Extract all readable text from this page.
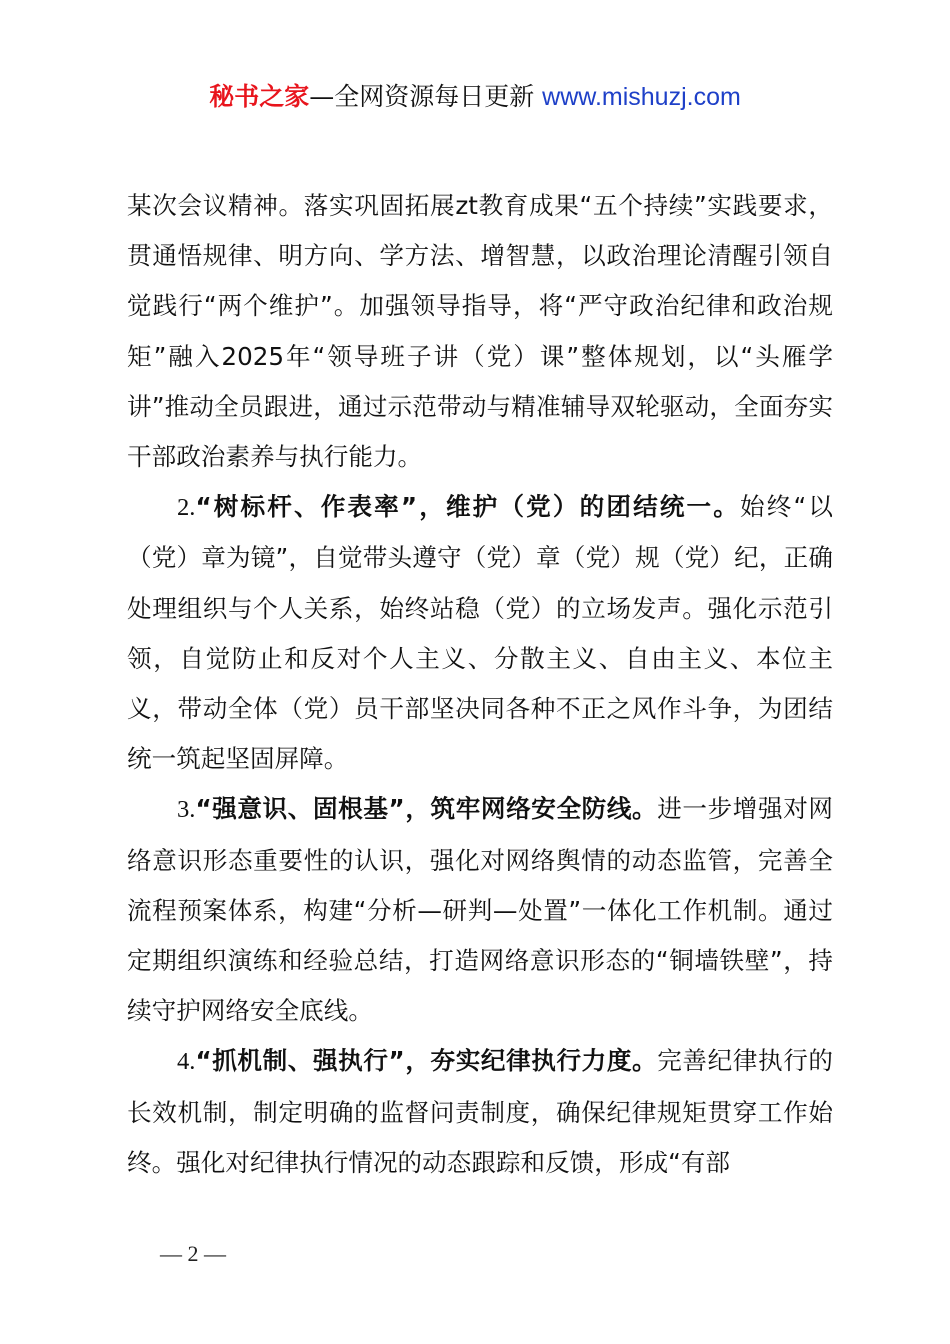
秘书之家—全网资源每日更新 www.mishuzj.com

某次会议精神。落实巩固拓展zt教育成果“五个持续”实践要求，贯通悟规律、明方向、学方法、增智慧，以政治理论清醒引领自觉践行“两个维护”。加强领导指导，将“严守政治纪律和政治规矩”融入2025年“领导班子讲（党）课”整体规划，以“头雁学讲”推动全员跟进，通过示范带动与精准辅导双轮驱动，全面夯实干部政治素养与执行能力。

2.“树标杆、作表率”，维护（党）的团结统一。始终“以（党）章为镜”，自觉带头遵守（党）章（党）规（党）纪，正确处理组织与个人关系，始终站稳（党）的立场发声。强化示范引领，自觉防止和反对个人主义、分散主义、自由主义、本位主义，带动全体（党）员干部坚决同各种不正之风作斗争，为团结统一筑起坚固屏障。

3.“强意识、固根基”，筑牢网络安全防线。进一步增强对网络意识形态重要性的认识，强化对网络舆情的动态监管，完善全流程预案体系，构建“分析—研判—处置”一体化工作机制。通过定期组织演练和经验总结，打造网络意识形态的“铜墙铁壁”，持续守护网络安全底线。

4.“抓机制、强执行”，夯实纪律执行力度。完善纪律执行的长效机制，制定明确的监督问责制度，确保纪律规矩贯穿工作始终。强化对纪律执行情况的动态跟踪和反馈，形成“有部

— 2 —
